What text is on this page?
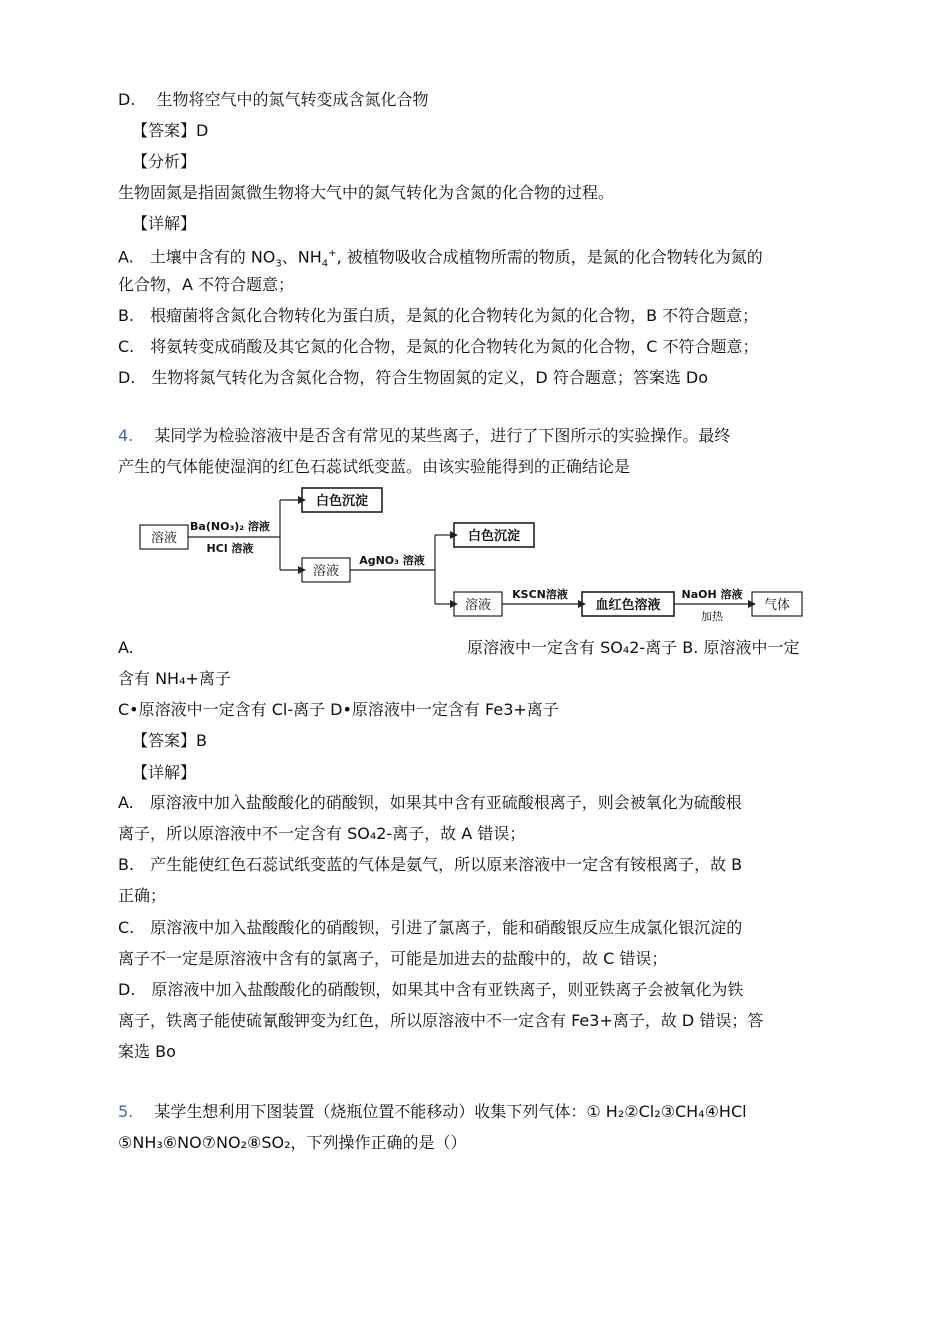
D.　 生物将空气中的氮气转变成含氮化合物
【答案】D
【分析】
生物固氮是指固氮微生物将大气中的氮气转化为含氮的化合物的过程。
【详解】
A.　土壤中含有的 $NO_3$、$NH_4^+$, 被植物吸收合成植物所需的物质，是氮的化合物转化为氮的
化合物，A 不符合题意；
B.　根瘤菌将含氮化合物转化为蛋白质，是氮的化合物转化为氮的化合物，B 不符合题意；
C.　将氨转变成硝酸及其它氮的化合物，是氮的化合物转化为氮的化合物，C 不符合题意；
D.　生物将氮气转化为含氮化合物，符合生物固氮的定义，D 符合题意；答案选 Do
4.　 某同学为检验溶液中是否含有常见的某些离子，进行了下图所示的实验操作。最终
产生的气体能使湿润的红色石蕊试纸变蓝。由该实验能得到的正确结论是
溶液
Ba(NO₃)₂ 溶液
HCl 溶液
白色沉淀
溶液
AgNO₃ 溶液
白色沉淀
溶液
KSCN溶液
血红色溶液
NaOH 溶液
加热
气体
A.	原溶液中一定含有 SO₄2-离子 B. 原溶液中一定
含有 NH₄+离子
C•原溶液中一定含有 Cl-离子 D•原溶液中一定含有 Fe3+离子
【答案】B
【详解】
A.　原溶液中加入盐酸酸化的硝酸钡，如果其中含有亚硫酸根离子，则会被氧化为硫酸根
离子，所以原溶液中不一定含有 SO₄2-离子，故 A 错误；
B.　产生能使红色石蕊试纸变蓝的气体是氨气，所以原来溶液中一定含有铵根离子，故 B
正确；
C.　原溶液中加入盐酸酸化的硝酸钡，引进了氯离子，能和硝酸银反应生成氯化银沉淀的
离子不一定是原溶液中含有的氯离子，可能是加进去的盐酸中的，故 C 错误；
D.　原溶液中加入盐酸酸化的硝酸钡，如果其中含有亚铁离子，则亚铁离子会被氧化为铁
离子，铁离子能使硫氰酸钾变为红色，所以原溶液中不一定含有 Fe3+离子，故 D 错误；答
案选 Bo
5.　 某学生想利用下图装置（烧瓶位置不能移动）收集下列气体：① H₂②Cl₂③CH₄④HCl
⑤NH₃⑥NO⑦NO₂⑧SO₂，下列操作正确的是（）
